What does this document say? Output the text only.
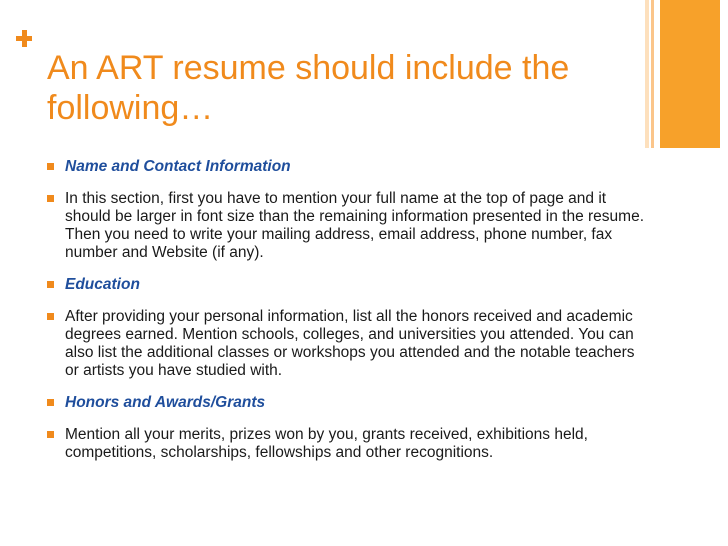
An ART resume should include the following…
Name and Contact Information
In this section, first you have to mention your full name at the top of page and it should be larger in font size than the remaining information presented in the resume. Then you need to write your mailing address, email address, phone number, fax number and Website (if any).
Education
After providing your personal information, list all the honors received and academic degrees earned. Mention schools, colleges, and universities you attended. You can also list the additional classes or workshops you attended and the notable teachers or artists you have studied with.
Honors and Awards/Grants
Mention all your merits, prizes won by you, grants received, exhibitions held, competitions, scholarships, fellowships and other recognitions.
